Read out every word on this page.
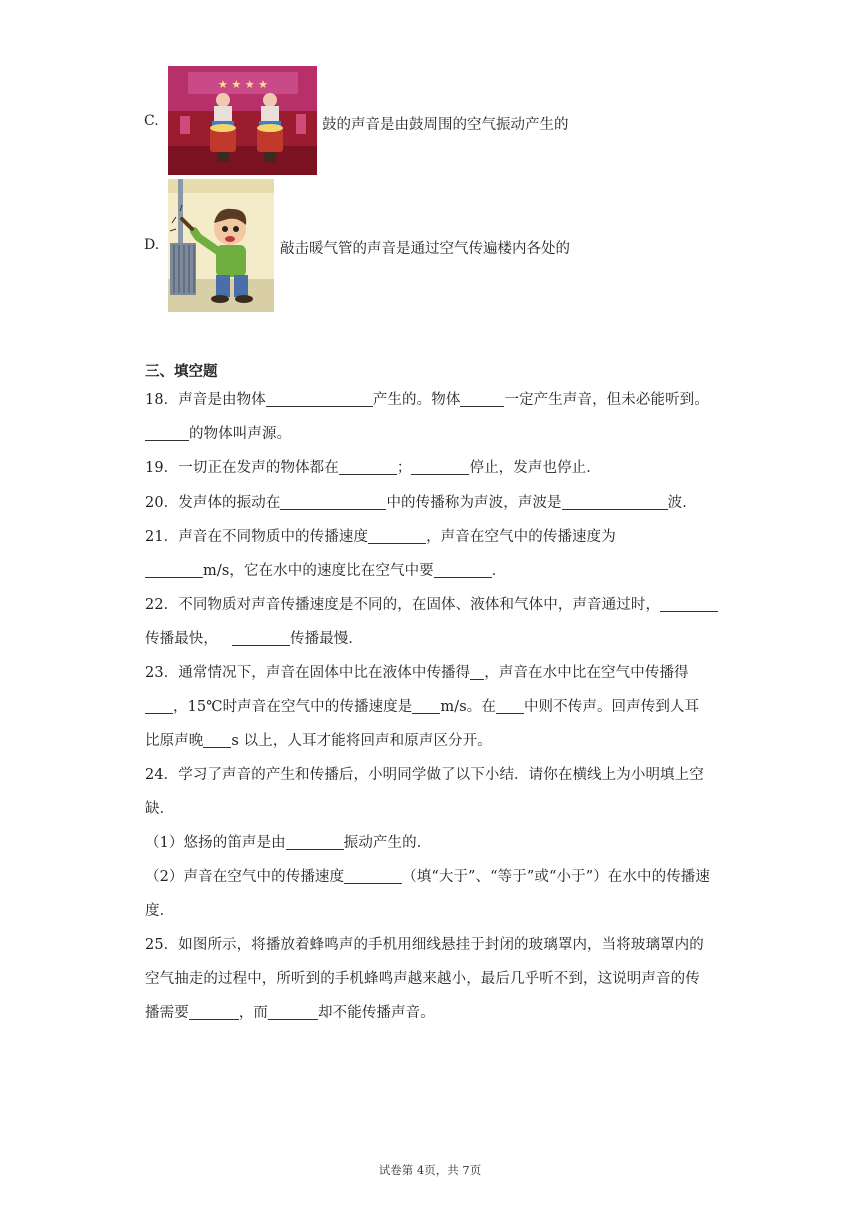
C.
★ ★ ★ ★
鼓的声音是由鼓周围的空气振动产生的
D.	敲击暖气管的声音是通过空气传遍楼内各处的
三、填空题
18．声音是由物体	产生的。物体	一定产生声音，但未必能听到。
的物体叫声源。
19．一切正在发声的物体都在	；	停止，发声也停止．
20．发声体的振动在	中的传播称为声波，声波是	波．
21．声音在不同物质中的传播速度	，声音在空气中的传播速度为
m/s，它在水中的速度比在空气中要	．
22．不同物质对声音传播速度是不同的，在固体、液体和气体中，声音通过时，
传播最快，	传播最慢．
23．通常情况下，声音在固体中比在液体中传播得 ，声音在水中比在空气中传播得
，15℃时声音在空气中的传播速度是 m/s。在 中则不传声。回声传到人耳
比原声晚 s 以上，人耳才能将回声和原声区分开。
24．学习了声音的产生和传播后，小明同学做了以下小结．请你在横线上为小明填上空
缺．
（1）悠扬的笛声是由	振动产生的．
（2）声音在空气中的传播速度	（填“大于”、“等于”或“小于”）在水中的传播速
度．
25．如图所示，将播放着蜂鸣声的手机用细线悬挂于封闭的玻璃罩内，当将玻璃罩内的
空气抽走的过程中，所听到的手机蜂鸣声越来越小，最后几乎听不到，这说明声音的传
播需要	，而	却不能传播声音。
试卷第 4页，共 7页
